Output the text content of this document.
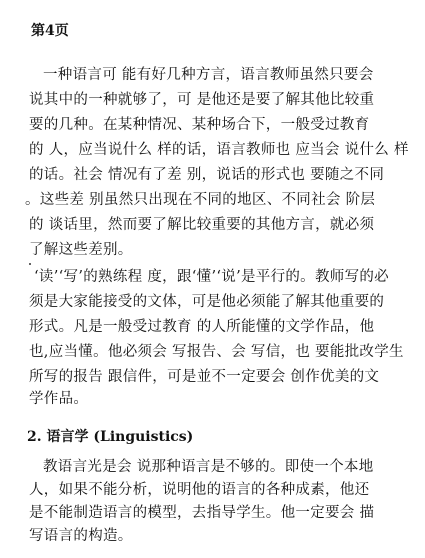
第4页
一种语言可 能有好几种方言，语言教师虽然只要会
说其中的一种就够了，可 是他还是要了解其他比较重
要的几种。在某种情况、某种场合下，一般受过教育
的 人，应当说什么 样的话，语言教师也 应当会 说什么 样
的话。社会 情况有了差 别，说话的形式也 要随之不同
。这些差 别虽然只出现在不同的地区、不同社会 阶层
的 谈话里，然而要了解比较重要的其他方言，就必须
了解这些差别。
‘读’‘写’的熟练程 度，跟‘懂’‘说’是平行的。教师写的必
须是大家能接受的文体，可是他必须能了解其他重要的
形式。凡是一般受过教育 的人所能懂的文学作品，他
也,应当懂。他必须会 写报告、会 写信，也 要能批改学生
所写的报告 跟信件，可是並不一定要会 创作优美的文
学作品。
2. 语言学 (Linguistics)
教语言光是会 说那种语言是不够的。即使一个本地
人，如果不能分析，说明他的语言的各种成素，他还
是不能制造语言的模型，去指导学生。他一定要会 描
写语言的构造。
